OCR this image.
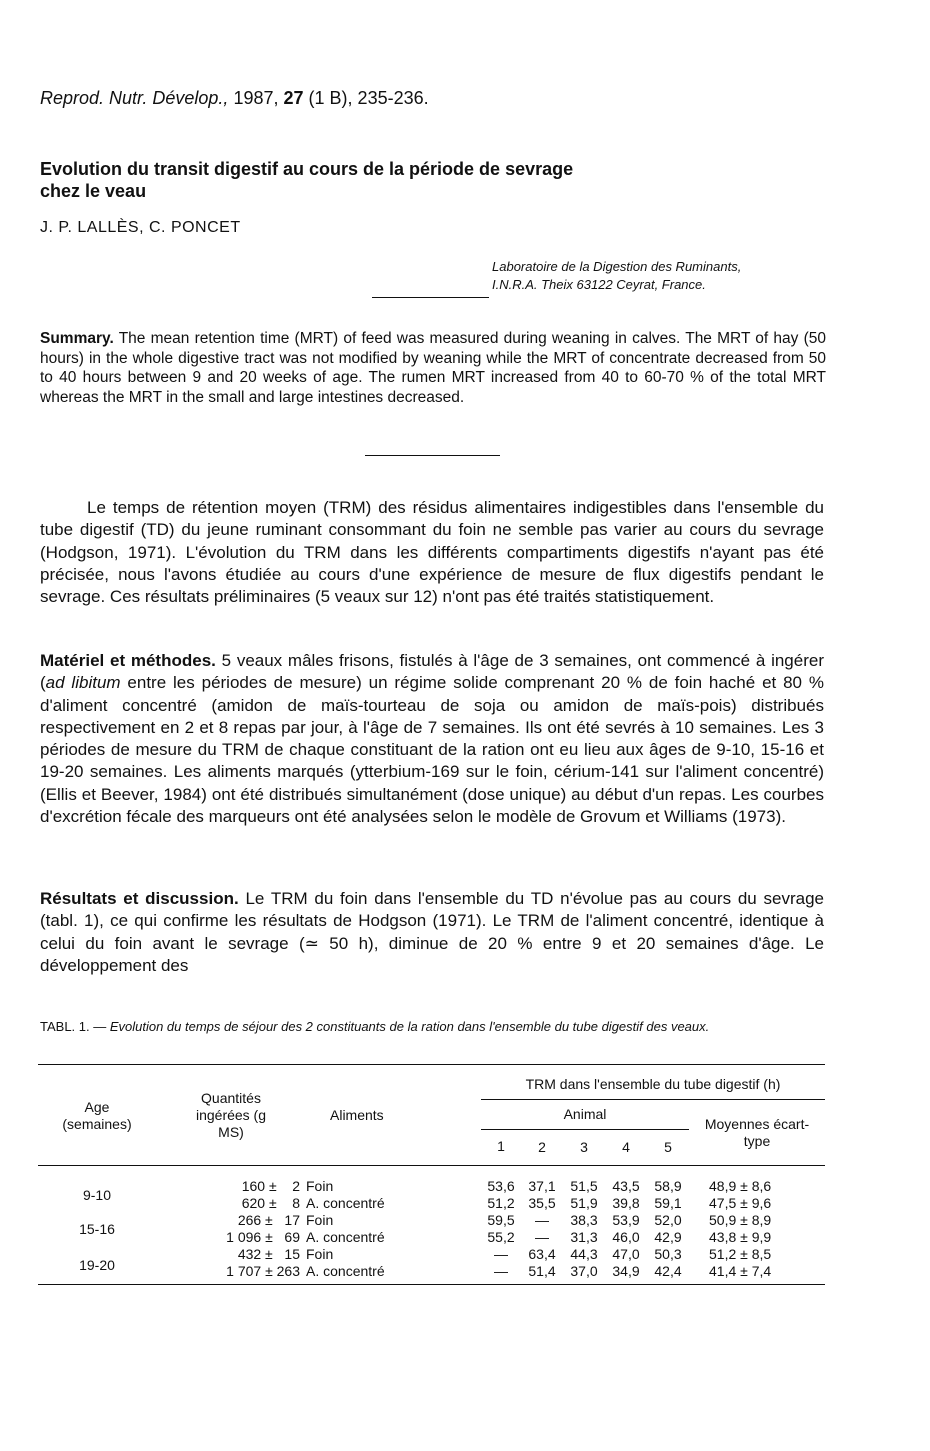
Reprod. Nutr. Dévelop., 1987, 27 (1 B), 235-236.
Evolution du transit digestif au cours de la période de sevrage
chez le veau
J. P. LALLÈS, C. PONCET
Laboratoire de la Digestion des Ruminants,
I.N.R.A. Theix 63122 Ceyrat, France.
Summary. The mean retention time (MRT) of feed was measured during weaning in calves. The MRT of hay (50 hours) in the whole digestive tract was not modified by weaning while the MRT of concentrate decreased from 50 to 40 hours between 9 and 20 weeks of age. The rumen MRT increased from 40 to 60-70 % of the total MRT whereas the MRT in the small and large intestines decreased.
Le temps de rétention moyen (TRM) des résidus alimentaires indigestibles dans l'ensemble du tube digestif (TD) du jeune ruminant consommant du foin ne semble pas varier au cours du sevrage (Hodgson, 1971). L'évolution du TRM dans les différents compartiments digestifs n'ayant pas été précisée, nous l'avons étudiée au cours d'une expérience de mesure de flux digestifs pendant le sevrage. Ces résultats préliminaires (5 veaux sur 12) n'ont pas été traités statistiquement.
Matériel et méthodes. 5 veaux mâles frisons, fistulés à l'âge de 3 semaines, ont commencé à ingérer (ad libitum entre les périodes de mesure) un régime solide comprenant 20 % de foin haché et 80 % d'aliment concentré (amidon de maïs-tourteau de soja ou amidon de maïs-pois) distribués respectivement en 2 et 8 repas par jour, à l'âge de 7 semaines. Ils ont été sevrés à 10 semaines. Les 3 périodes de mesure du TRM de chaque constituant de la ration ont eu lieu aux âges de 9-10, 15-16 et 19-20 semaines. Les aliments marqués (ytterbium-169 sur le foin, cérium-141 sur l'aliment concentré) (Ellis et Beever, 1984) ont été distribués simultanément (dose unique) au début d'un repas. Les courbes d'excrétion fécale des marqueurs ont été analysées selon le modèle de Grovum et Williams (1973).
Résultats et discussion. Le TRM du foin dans l'ensemble du TD n'évolue pas au cours du sevrage (tabl. 1), ce qui confirme les résultats de Hodgson (1971). Le TRM de l'aliment concentré, identique à celui du foin avant le sevrage (≃ 50 h), diminue de 20 % entre 9 et 20 semaines d'âge. Le développement des
TABL. 1. — Evolution du temps de séjour des 2 constituants de la ration dans l'ensemble du tube digestif des veaux.

Age (semaines)	Quantités ingérées (g MS)	Aliments	TRM dans l'ensemble du tube digestif (h)					
			Animal					Moyennes écart-type
			1	2	3	4	5	

9-10	160 ±    2	Foin	53,6	37,1	51,5	43,5	58,9	48,9 ± 8,6
	620 ±    8	A. concentré	51,2	35,5	51,9	39,8	59,1	47,5 ± 9,6
15-16	266 ±   17	Foin	59,5	—	38,3	53,9	52,0	50,9 ± 8,9
	1 096 ±   69	A. concentré	55,2	—	31,3	46,0	42,9	43,8 ± 9,9
19-20	432 ±   15	Foin	—	63,4	44,3	47,0	50,3	51,2 ± 8,5
	1 707 ± 263	A. concentré	—	51,4	37,0	34,9	42,4	41,4 ± 7,4
